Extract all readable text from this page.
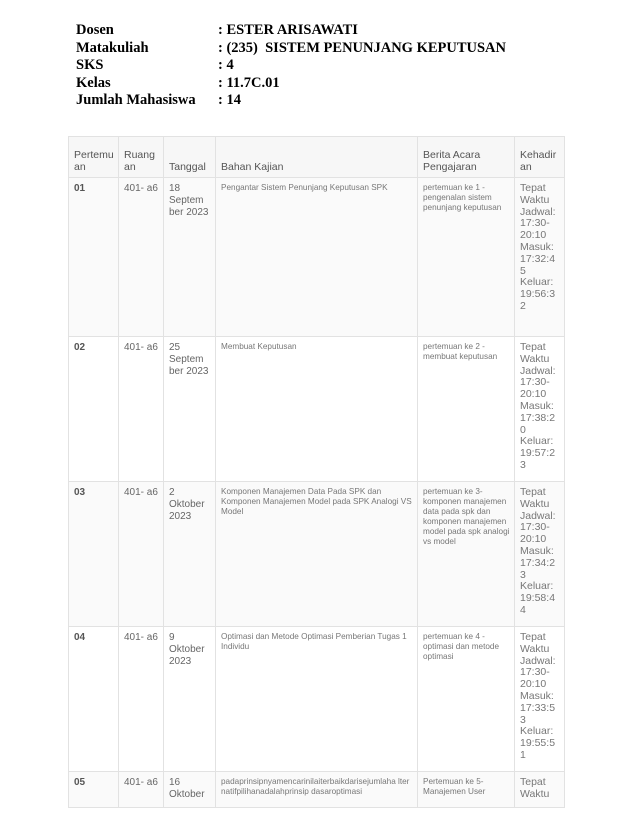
Dosen	: ESTER ARISAWATI
Matakuliah	: (235)  SISTEM PENUNJANG KEPUTUSAN
SKS	: 4
Kelas	: 11.7C.01
Jumlah Mahasiswa	: 14
Pertemu an	Ruang an	Tanggal	Bahan Kajian	Berita Acara Pengajaran	Kehadir an
01	401- a6	18 Septem ber 2023	Pengantar Sistem Penunjang Keputusan SPK	pertemuan ke 1 - pengenalan sistem penunjang keputusan	Tepat Waktu Jadwal: 17:30- 20:10 Masuk: 17:32:4 5 Keluar: 19:56:3 2
02	401- a6	25 Septem ber 2023	Membuat Keputusan	pertemuan ke 2 - membuat keputusan	Tepat Waktu Jadwal: 17:30- 20:10 Masuk: 17:38:2 0 Keluar: 19:57:2 3
03	401- a6	2 Oktober 2023	Komponen Manajemen Data Pada SPK dan Komponen Manajemen Model pada SPK Analogi VS Model	pertemuan ke 3- komponen manajemen data pada spk dan komponen manajemen model pada spk analogi vs model	Tepat Waktu Jadwal: 17:30- 20:10 Masuk: 17:34:2 3 Keluar: 19:58:4 4
04	401- a6	9 Oktober 2023	Optimasi dan Metode Optimasi Pemberian Tugas 1 Individu	pertemuan ke 4 - optimasi dan metode optimasi	Tepat Waktu Jadwal: 17:30- 20:10 Masuk: 17:33:5 3 Keluar: 19:55:5 1
05	401- a6	16 Oktober	padaprinsipnyamencarinilaiterbaikdarisejumlaha lternatifpilihanadalahprinsip dasaroptimasi	Pertemuan ke 5- Manajemen User	Tepat Waktu
